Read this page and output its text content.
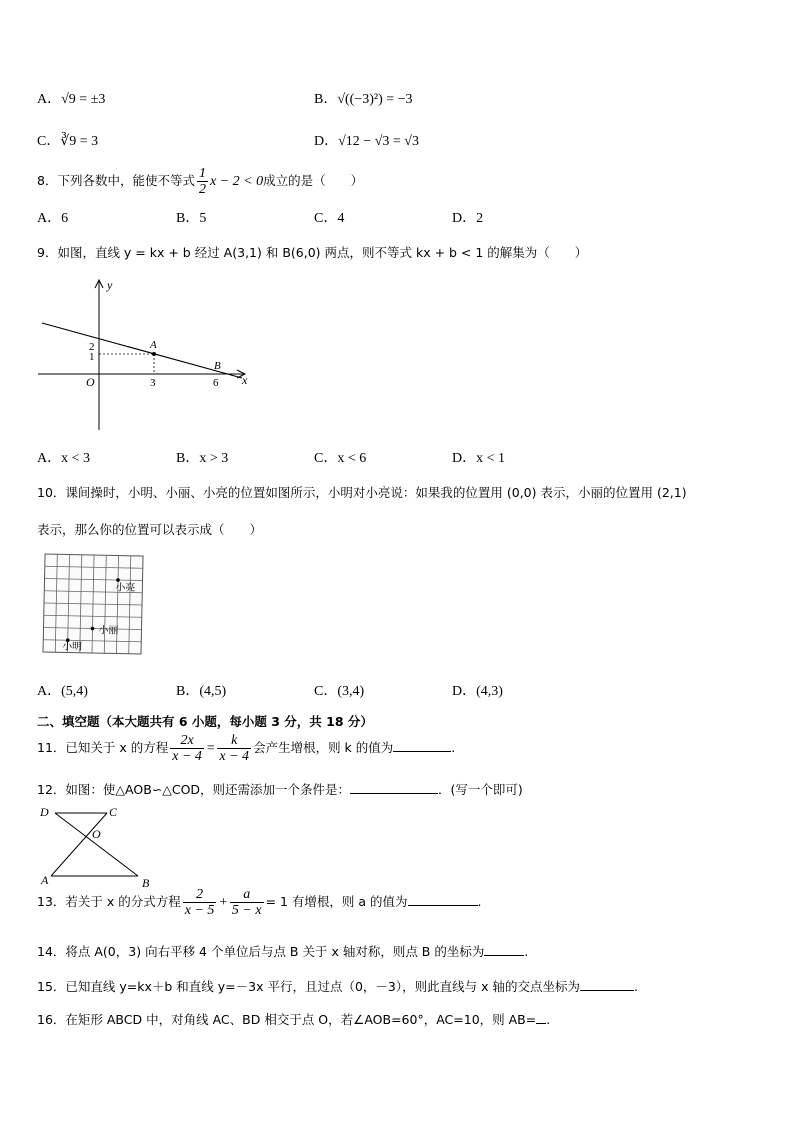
A．√9 = ±3	B．√((−3)²) = −3
C．∛9 = 3	D．√12 − √3 = √3
8．下列各数中，能使不等式 $\frac{1}{2}$ x − 2 < 0成立的是（　　）
A．6	B．5	C．4	D．2
9．如图，直线 y = kx + b 经过 A(3,1) 和 B(6,0) 两点，则不等式 kx + b < 1 的解集为（　　）
y
x
O
A
B
2
1
3	6
A．x < 3	B．x > 3	C．x < 6	D．x < 1
10．课间操时，小明、小丽、小亮的位置如图所示，小明对小亮说：如果我的位置用 (0,0) 表示，小丽的位置用 (2,1)
表示，那么你的位置可以表示成（　　）
小亮
小丽
小明
A．(5,4)	B．(4,5)	C．(3,4)	D．(4,3)
二、填空题（本大题共有 6 小题，每小题 3 分，共 18 分）
11．已知关于 x 的方程 $\frac{2x}{x - 4} = \frac{k}{x - 4}$ 会产生增根，则 k 的值为	.
12．如图：使△AOB∽△COD，则还需添加一个条件是：	．(写一个即可)
D	C
O
A	B
13．若关于 x 的分式方程 $\frac{2}{x - 5} + \frac{a}{5 - x} = 1$ 有增根，则 a 的值为	.
14．将点 A(0，3) 向右平移 4 个单位后与点 B 关于 x 轴对称，则点 B 的坐标为	.
15．已知直线 y=kx＋b 和直线 y=－3x 平行，且过点（0，－3），则此直线与 x 轴的交点坐标为	.
16．在矩形 ABCD 中，对角线 AC、BD 相交于点 O，若∠AOB=60°，AC=10，则 AB= .
